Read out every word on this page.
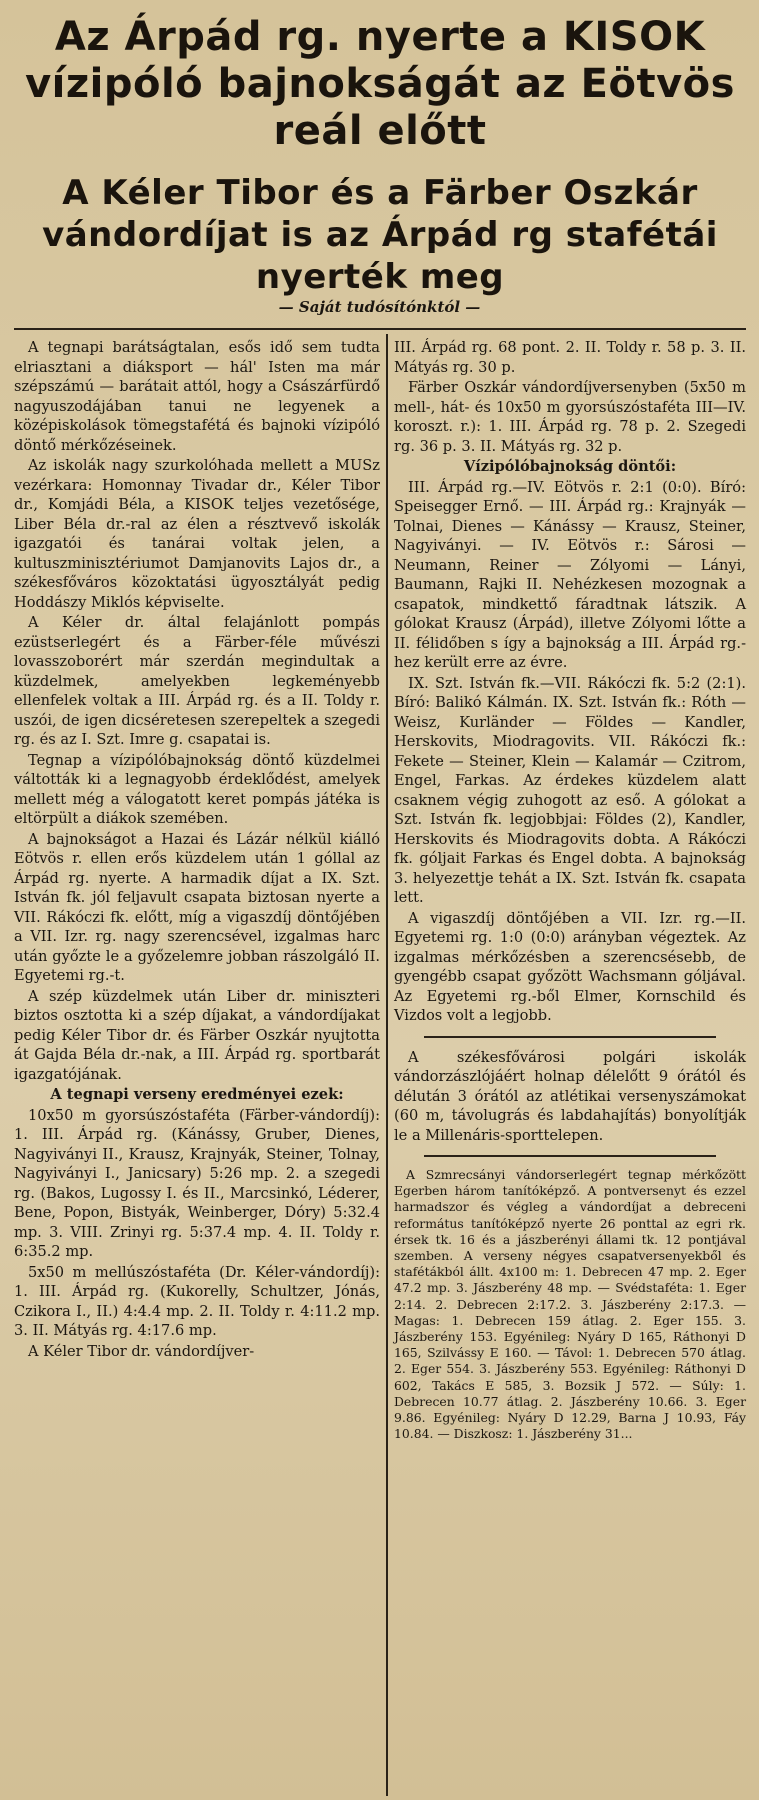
Az Árpád rg. nyerte a KISOK vízipóló bajnokságát az Eötvös reál előtt
A Kéler Tibor és a Färber Oszkár vándordíjat is az Árpád rg stafétái nyerték meg
— Saját tudósítónktól —

A tegnapi barátságtalan, esős idő sem tudta elriasztani a diáksport — hál' Isten ma már szépszámú — barátait attól, hogy a Császárfürdő nagyuszodájában tanui ne legyenek a középiskolások tömegstafétá és bajnoki vízipóló döntő mérkőzéseinek.

Az iskolák nagy szurkolóhada mellett a MUSz vezérkara: Homonnay Tivadar dr., Kéler Tibor dr., Komjádi Béla, a KISOK teljes vezetősége, Liber Béla dr.-ral az élen a résztvevő iskolák igazgatói és tanárai voltak jelen, a kultuszminisztériumot Damjanovits Lajos dr., a székesfőváros közoktatási ügyosztályát pedig Hoddászy Miklós képviselte.

A Kéler dr. által felajánlott pompás ezüstserlegért és a Färber-féle művészi lovasszoborért már szerdán megindultak a küzdelmek, amelyekben legkeményebb ellenfelek voltak a III. Árpád rg. és a II. Toldy r. uszói, de igen dicséretesen szerepeltek a szegedi rg. és az I. Szt. Imre g. csapatai is.

Tegnap a vízipólóbajnokság döntő küzdelmei váltották ki a legnagyobb érdeklődést, amelyek mellett még a válogatott keret pompás játéka is eltörpült a diákok szemében.

A bajnokságot a Hazai és Lázár nélkül kiálló Eötvös r. ellen erős küzdelem után 1 góllal az Árpád rg. nyerte. A harmadik díjat a IX. Szt. István fk. jól feljavult csapata biztosan nyerte a VII. Rákóczi fk. előtt, míg a vigaszdíj döntőjében a VII. Izr. rg. nagy szerencsével, izgalmas harc után győzte le a győzelemre jobban rászolgáló II. Egyetemi rg.-t.

A szép küzdelmek után Liber dr. miniszteri biztos osztotta ki a szép díjakat, a vándordíjakat pedig Kéler Tibor dr. és Färber Oszkár nyujtotta át Gajda Béla dr.-nak, a III. Árpád rg. sportbarát igazgatójának.

A tegnapi verseny eredményei ezek:

10x50 m gyorsúszóstaféta (Färber-vándordíj): 1. III. Árpád rg. (Kánássy, Gruber, Dienes, Nagyiványi II., Krausz, Krajnyák, Steiner, Tolnay, Nagyiványi I., Janicsary) 5:26 mp. 2. a szegedi rg. (Bakos, Lugossy I. és II., Marcsinkó, Léderer, Bene, Popon, Bistyák, Weinberger, Dóry) 5:32.4 mp. 3. VIII. Zrinyi rg. 5:37.4 mp. 4. II. Toldy r. 6:35.2 mp.

5x50 m mellúszóstaféta (Dr. Kéler-vándordíj): 1. III. Árpád rg. (Kukorelly, Schultzer, Jónás, Czikora I., II.) 4:4.4 mp. 2. II. Toldy r. 4:11.2 mp. 3. II. Mátyás rg. 4:17.6 mp.

A Kéler Tibor dr. vándordíjver-

III. Árpád rg. 68 pont. 2. II. Toldy r. 58 p. 3. II. Mátyás rg. 30 p.

Färber Oszkár vándordíjversenyben (5x50 m mell-, hát- és 10x50 m gyorsúszóstaféta III—IV. koroszt. r.): 1. III. Árpád rg. 78 p. 2. Szegedi rg. 36 p. 3. II. Mátyás rg. 32 p.

Vízipólóbajnokság döntői:

III. Árpád rg.—IV. Eötvös r. 2:1 (0:0). Bíró: Speisegger Ernő. — III. Árpád rg.: Krajnyák — Tolnai, Dienes — Kánássy — Krausz, Steiner, Nagyiványi. — IV. Eötvös r.: Sárosi — Neumann, Reiner — Zólyomi — Lányi, Baumann, Rajki II. Nehézkesen mozognak a csapatok, mindkettő fáradtnak látszik. A gólokat Krausz (Árpád), illetve Zólyomi lőtte a II. félidőben s így a bajnokság a III. Árpád rg.-hez került erre az évre.

IX. Szt. István fk.—VII. Rákóczi fk. 5:2 (2:1). Bíró: Balikó Kálmán. IX. Szt. István fk.: Róth — Weisz, Kurländer — Földes — Kandler, Herskovits, Miodragovits. VII. Rákóczi fk.: Fekete — Steiner, Klein — Kalamár — Czitrom, Engel, Farkas. Az érdekes küzdelem alatt csaknem végig zuhogott az eső. A gólokat a Szt. István fk. legjobbjai: Földes (2), Kandler, Herskovits és Miodragovits dobta. A Rákóczi fk. góljait Farkas és Engel dobta. A bajnokság 3. helyezettje tehát a IX. Szt. István fk. csapata lett.

A vigaszdíj döntőjében a VII. Izr. rg.—II. Egyetemi rg. 1:0 (0:0) arányban végeztek. Az izgalmas mérkőzésben a szerencsésebb, de gyengébb csapat győzött Wachsmann góljával. Az Egyetemi rg.-ből Elmer, Kornschild és Vizdos volt a legjobb.

A székesfővárosi polgári iskolák vándorzászlójáért holnap délelőtt 9 órától és délután 3 órától az atlétikai versenyszámokat (60 m, távolugrás és labdahajítás) bonyolítják le a Millenáris-sporttelepen.

A Szmrecsányi vándorserlegért tegnap mérkőzött Egerben három tanítóképző. A pontversenyt és ezzel harmadszor és végleg a vándordíjat a debreceni református tanítóképző nyerte 26 ponttal az egri rk. érsek tk. 16 és a jászberényi állami tk. 12 pontjával szemben. A verseny négyes csapatversenyekből és stafétákból állt. 4x100 m: 1. Debrecen 47 mp. 2. Eger 47.2 mp. 3. Jászberény 48 mp. — Svédstaféta: 1. Eger 2:14. 2. Debrecen 2:17.2. 3. Jászberény 2:17.3. — Magas: 1. Debrecen 159 átlag. 2. Eger 155. 3. Jászberény 153. Egyénileg: Nyáry D 165, Ráthonyi D 165, Szilvássy E 160. — Távol: 1. Debrecen 570 átlag. 2. Eger 554. 3. Jászberény 553. Egyénileg: Ráthonyi D 602, Takács E 585, 3. Bozsik J 572. — Súly: 1. Debrecen 10.77 átlag. 2. Jászberény 10.66. 3. Eger 9.86. Egyénileg: Nyáry D 12.29, Barna J 10.93, Fáy 10.84. — Diszkosz: 1. Jászberény 31...
